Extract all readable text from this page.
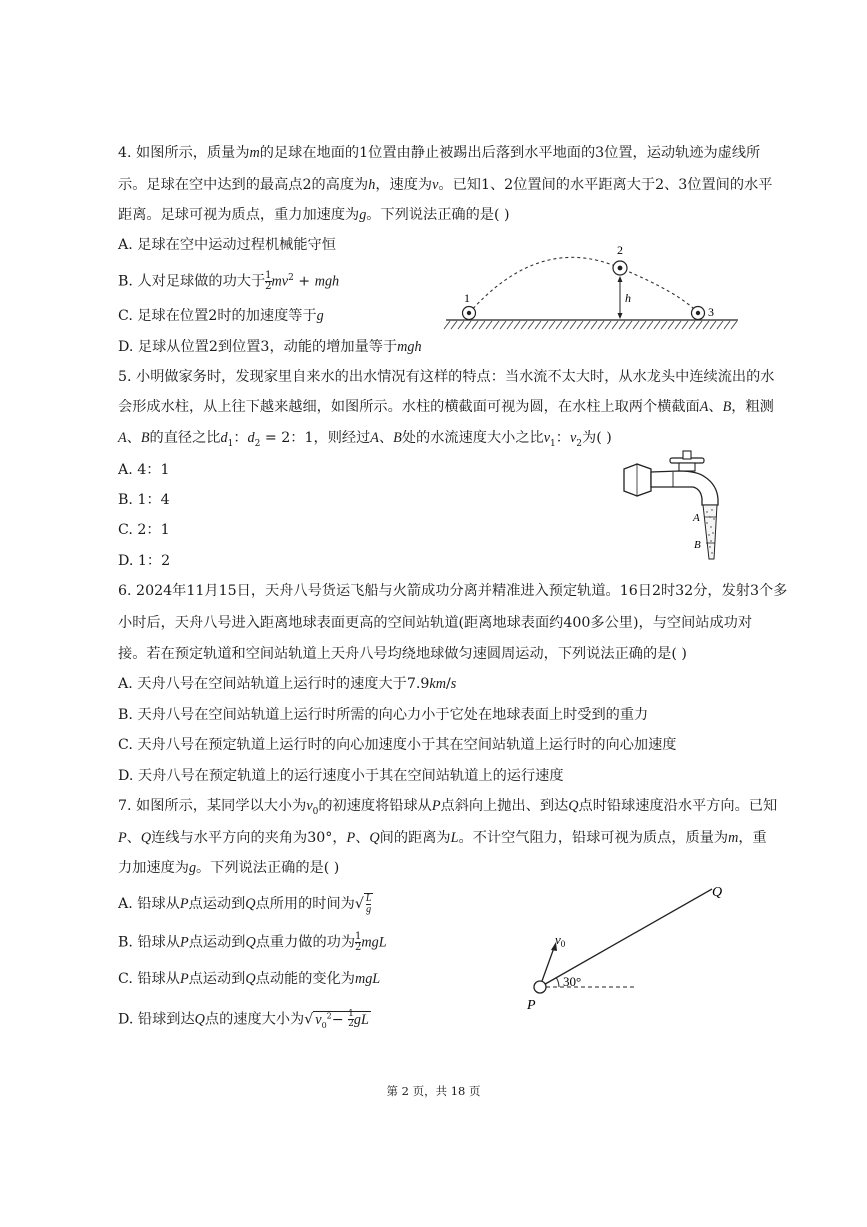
4. 如图所示，质量为m的足球在地面的1位置由静止被踢出后落到水平地面的3位置，运动轨迹为虚线所
示。足球在空中达到的最高点2的高度为h，速度为v。已知1、2位置间的水平距离大于2、3位置间的水平
距离。足球可视为质点，重力加速度为g。下列说法正确的是( )
A. 足球在空中运动过程机械能守恒
B. 人对足球做的功大于 $\frac{1}{2} mv^2$ + mgh
C. 足球在位置2时的加速度等于g
D. 足球从位置2到位置3，动能的增加量等于mgh
1
2
3
h
5. 小明做家务时，发现家里自来水的出水情况有这样的特点：当水流不太大时，从水龙头中连续流出的水
会形成水柱，从上往下越来越细，如图所示。水柱的横截面可视为圆，在水柱上取两个横截面A、B，粗测
A、B的直径之比$d_1$：$d_2 = 2$：1，则经过A、B处的水流速度大小之比$v_1$：$v_2$为( )
A. 4：1
B. 1：4
C. 2：1
D. 1：2
A
B
6. 2024年11月15日，天舟八号货运飞船与火箭成功分离并精准进入预定轨道。16日2时32分，发射3个多
小时后，天舟八号进入距离地球表面更高的空间站轨道(距离地球表面约400多公里)，与空间站成功对
接。若在预定轨道和空间站轨道上天舟八号均绕地球做匀速圆周运动，下列说法正确的是( )
A. 天舟八号在空间站轨道上运行时的速度大于7.9km/s
B. 天舟八号在空间站轨道上运行时所需的向心力小于它处在地球表面上时受到的重力
C. 天舟八号在预定轨道上运行时的向心加速度小于其在空间站轨道上运行时的向心加速度
D. 天舟八号在预定轨道上的运行速度小于其在空间站轨道上的运行速度
7. 如图所示，某同学以大小为$v_0$的初速度将铅球从P点斜向上抛出、到达Q点时铅球速度沿水平方向。已知
P、Q连线与水平方向的夹角为30°，P、Q间的距离为L。不计空气阻力，铅球可视为质点，质量为m，重
力加速度为g。下列说法正确的是( )
A. 铅球从P点运动到Q点所用的时间为√ $\frac{L}{g}$
B. 铅球从P点运动到Q点重力做的功为 $\frac{1}{2}$ mgL
C. 铅球从P点运动到Q点动能的变化为mgL
D. 铅球到达Q点的速度大小为√ $v_0^2- \frac{1}{2}$ gL
$v_0$
30°
P
Q
第 2 页，共 18 页
